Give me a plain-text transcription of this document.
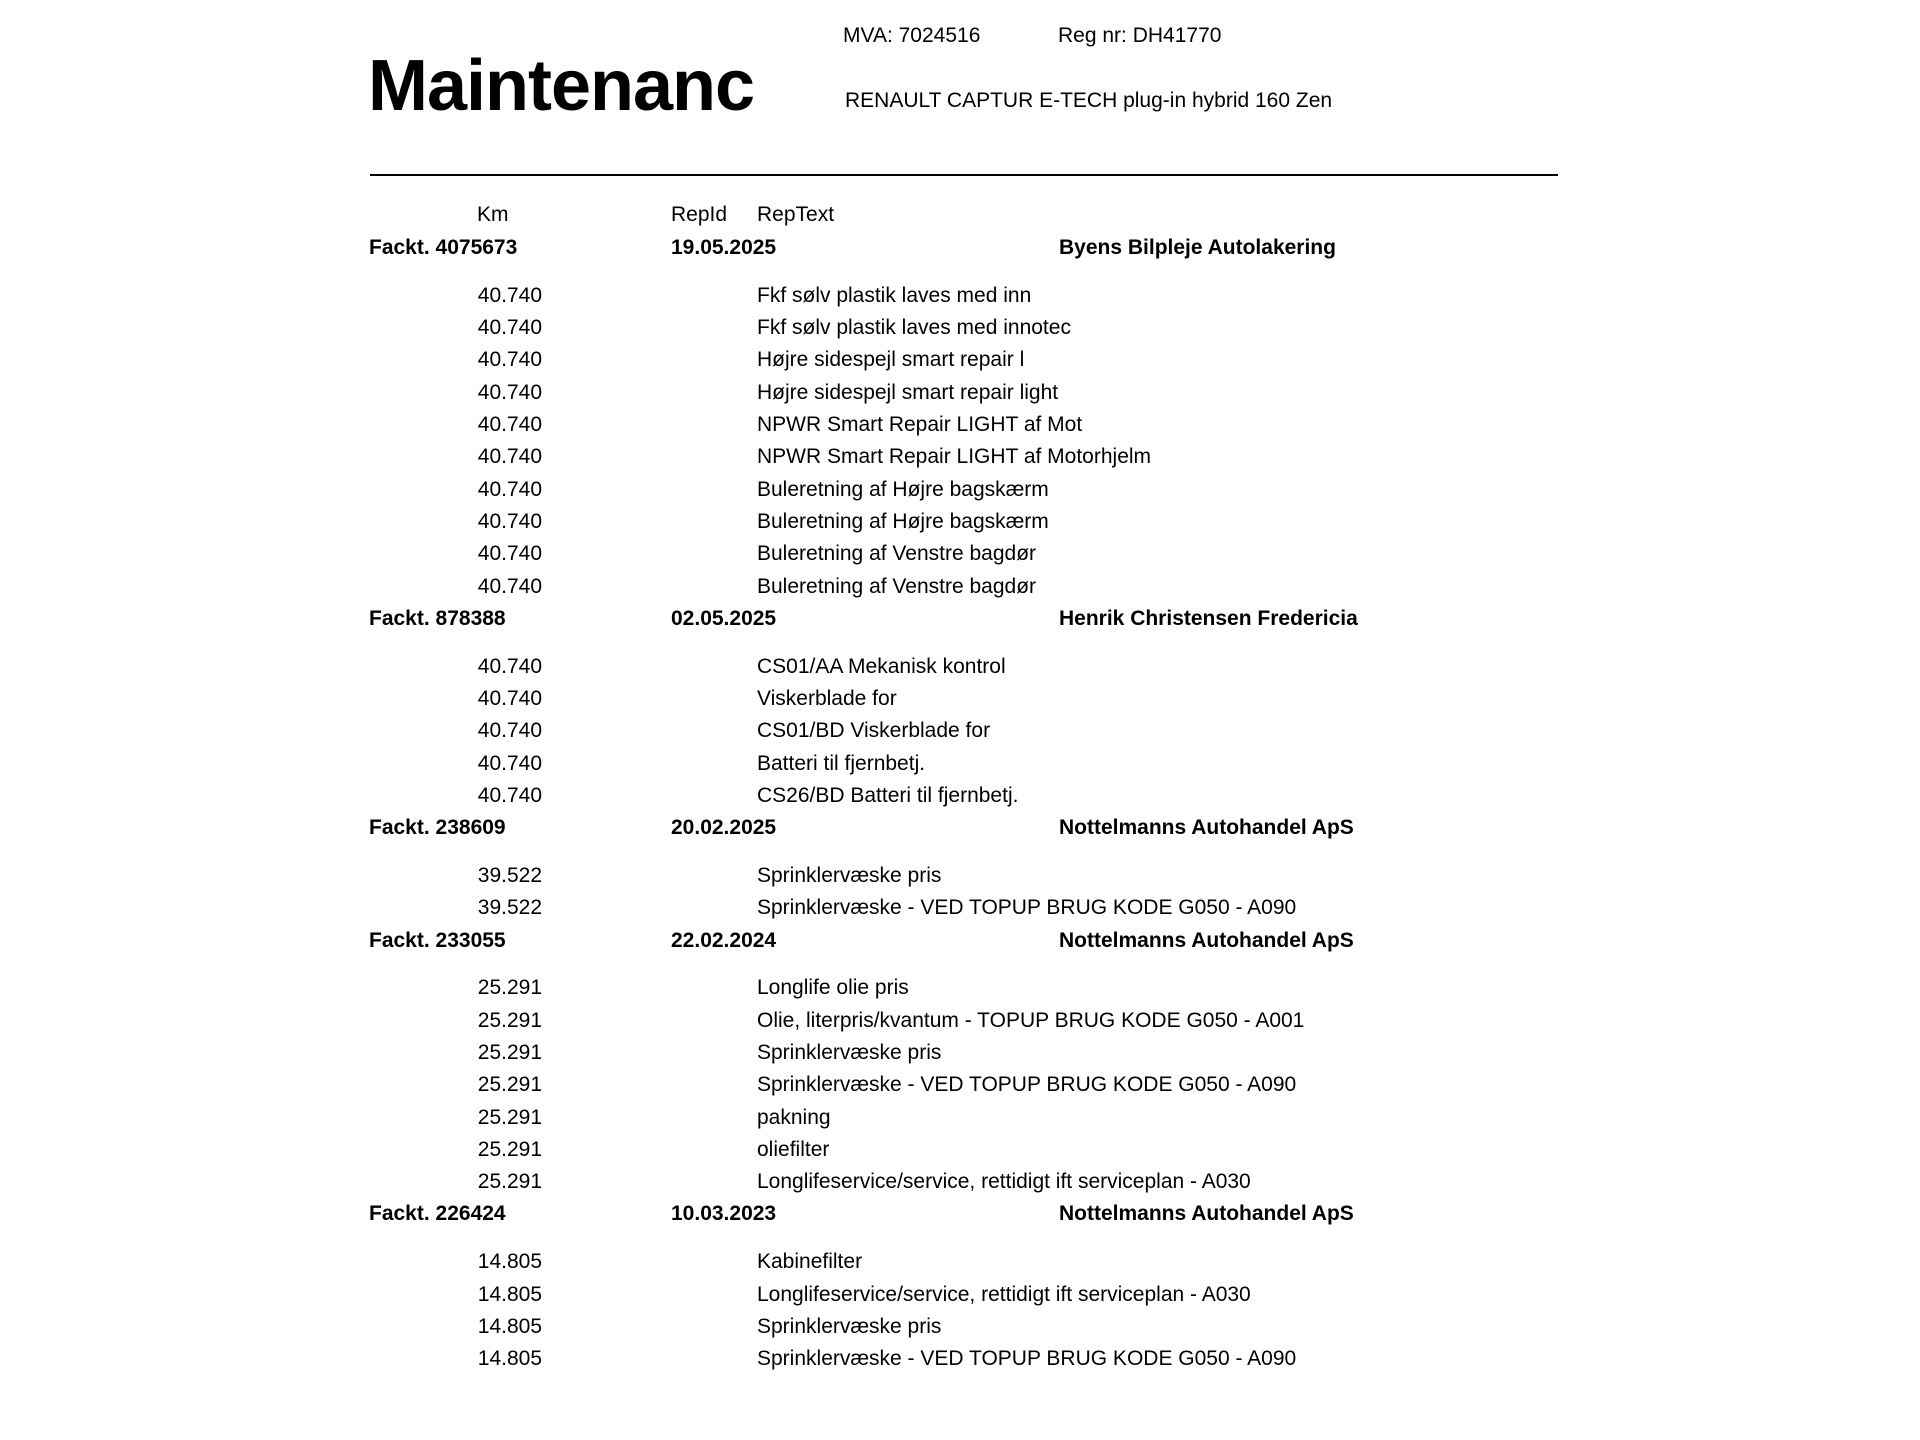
MVA: 7024516	Reg nr: DH41770
Maintenanc	RENAULT CAPTUR E-TECH plug-in hybrid 160 Zen
Km	RepId RepText
Fackt. 4075673	19.05.2025	Byens Bilpleje Autolakering
40.740	Fkf sølv plastik laves med inn
40.740	Fkf sølv plastik laves med innotec
40.740	Højre sidespejl smart repair l
40.740	Højre sidespejl smart repair light
40.740	NPWR Smart Repair LIGHT af Mot
40.740	NPWR Smart Repair LIGHT af Motorhjelm
40.740	Buleretning af Højre bagskærm
40.740	Buleretning af Højre bagskærm
40.740	Buleretning af Venstre bagdør
40.740	Buleretning af Venstre bagdør
Fackt. 878388	02.05.2025	Henrik Christensen Fredericia
40.740	CS01/AA Mekanisk kontrol
40.740	Viskerblade for
40.740	CS01/BD Viskerblade for
40.740	Batteri til fjernbetj.
40.740	CS26/BD Batteri til fjernbetj.
Fackt. 238609	20.02.2025	Nottelmanns Autohandel ApS
39.522	Sprinklervæske pris
39.522	Sprinklervæske - VED TOPUP BRUG KODE G050 - A090
Fackt. 233055	22.02.2024	Nottelmanns Autohandel ApS
25.291	Longlife olie pris
25.291	Olie, literpris/kvantum - TOPUP BRUG KODE G050 - A001
25.291	Sprinklervæske pris
25.291	Sprinklervæske - VED TOPUP BRUG KODE G050 - A090
25.291	pakning
25.291	oliefilter
25.291	Longlifeservice/service, rettidigt ift serviceplan - A030
Fackt. 226424	10.03.2023	Nottelmanns Autohandel ApS
14.805	Kabinefilter
14.805	Longlifeservice/service, rettidigt ift serviceplan - A030
14.805	Sprinklervæske pris
14.805	Sprinklervæske - VED TOPUP BRUG KODE G050 - A090
